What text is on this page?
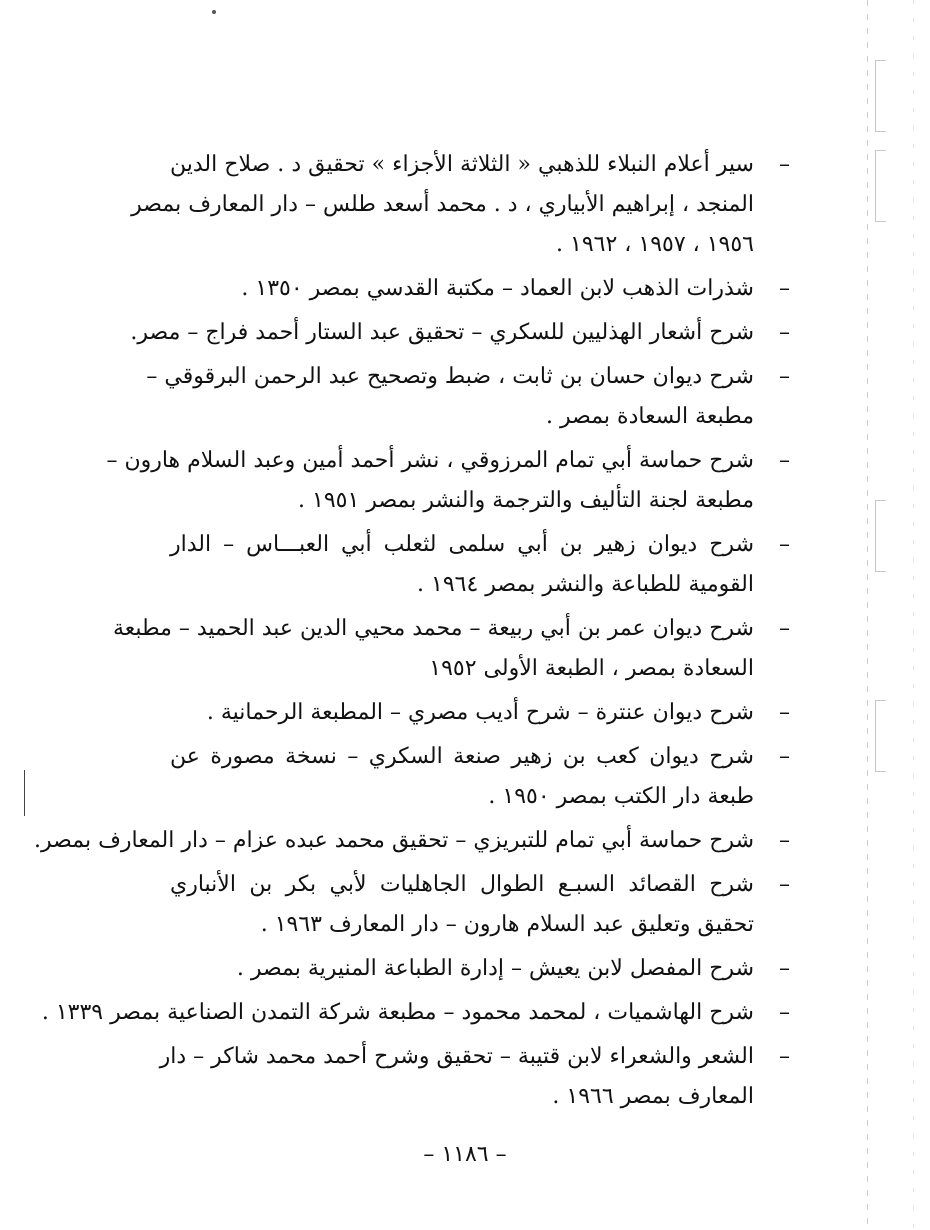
–
سير أعلام النبلاء للذهبي « الثلاثة الأجزاء » تحقيق د . صلاح الدين
المنجد ، إبراهيم الأبياري ، د . محمد أسعد طلس – دار المعارف بمصر
١٩٥٦ ، ١٩٥٧ ، ١٩٦٢ .
–
شذرات الذهب لابن العماد – مكتبة القدسي بمصر ١٣٥٠ .
–
شرح أشعار الهذليين للسكري – تحقيق عبد الستار أحمد فراج – مصر.
–
شرح ديوان حسان بن ثابت ، ضبط وتصحيح عبد الرحمن البرقوقي –
مطبعة السعادة بمصر .
–
شرح حماسة أبي تمام المرزوقي ، نشر أحمد أمين وعبد السلام هارون –
مطبعة لجنة التأليف والترجمة والنشر بمصر ١٩٥١ .
–
شرح ديوان زهير بن أبي سلمى لثعلب أبي العبـــاس – الدار
القومية للطباعة والنشر بمصر ١٩٦٤ .
–
شرح ديوان عمر بن أبي ربيعة – محمد محيي الدين عبد الحميد – مطبعة
السعادة بمصر ، الطبعة الأولى ١٩٥٢
–
شرح ديوان عنترة – شرح أديب مصري – المطبعة الرحمانية .
–
شرح ديوان كعب بن زهير صنعة السكري – نسخة مصورة عن
طبعة دار الكتب بمصر ١٩٥٠ .
–
شرح حماسة أبي تمام للتبريزي – تحقيق محمد عبده عزام – دار المعارف بمصر.
–
شرح القصائد السبـع الطوال الجاهليات لأبي بكر بن الأنباري
تحقيق وتعليق عبد السلام هارون – دار المعارف ١٩٦٣ .
–
شرح المفصل لابن يعيش – إدارة الطباعة المنيرية بمصر .
–
شرح الهاشميات ، لمحمد محمود – مطبعة شركة التمدن الصناعية بمصر ١٣٣٩ .
–
الشعر والشعراء لابن قتيبة – تحقيق وشرح أحمد محمد شاكر – دار
المعارف بمصر ١٩٦٦ .
– ١١٨٦ –
